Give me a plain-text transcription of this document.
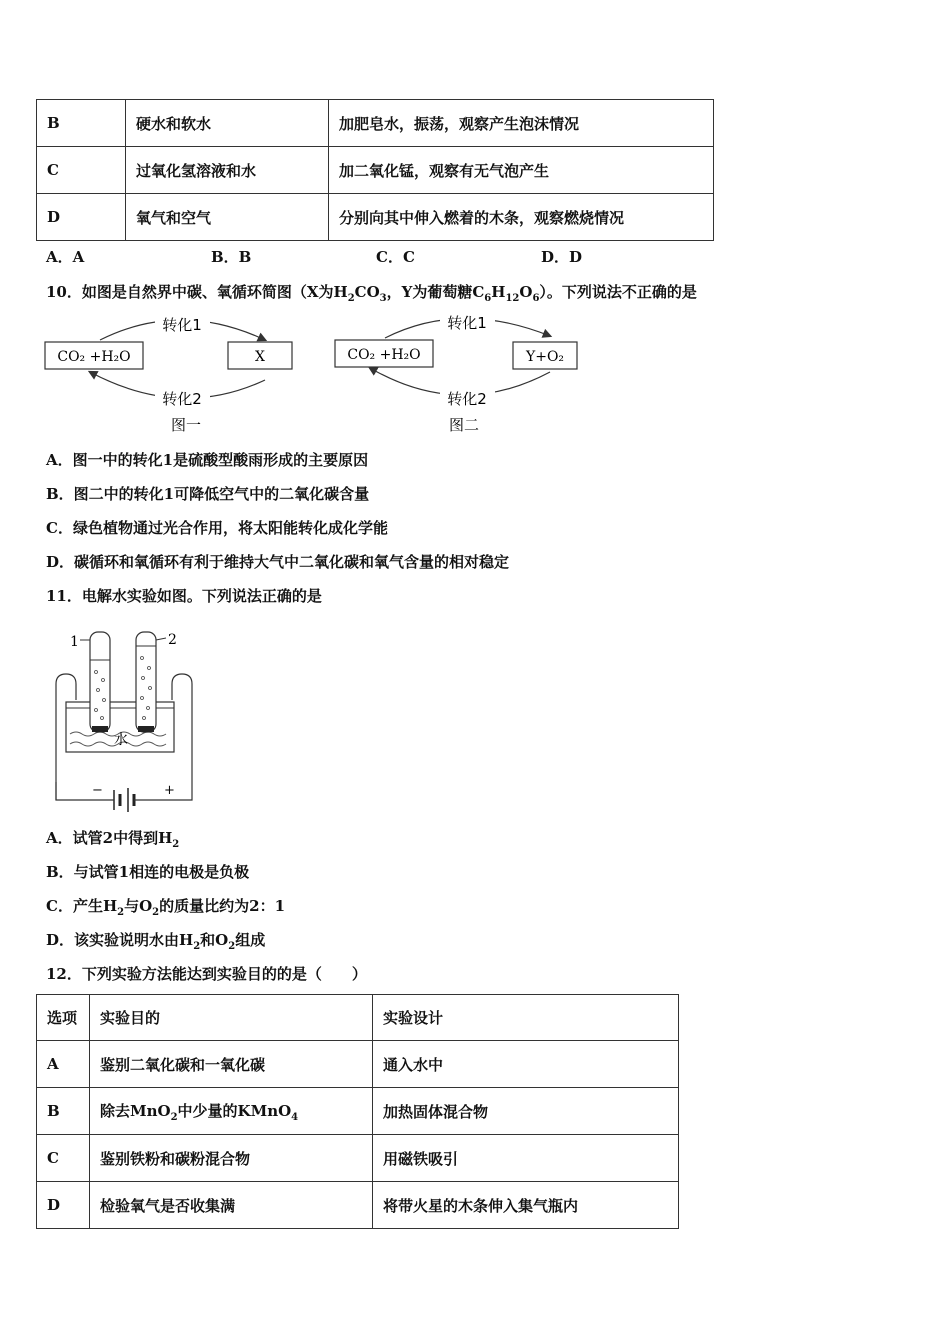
B	硬水和软水	加肥皂水，振荡，观察产生泡沫情况
C	过氧化氢溶液和水	加二氧化锰，观察有无气泡产生
D	氧气和空气	分别向其中伸入燃着的木条，观察燃烧情况
A．A	B．B	C．C	D．D
10．如图是自然界中碳、氧循环简图（X为$H_2CO_3$，Y为葡萄糖$C_6H_{12}O_6$）。下列说法不正确的是
CO₂ +H₂O	X
转化1
转化2
图一
CO₂ +H₂O	Y+O₂
转化1
转化2
图二
A．图一中的转化1是硫酸型酸雨形成的主要原因
B．图二中的转化1可降低空气中的二氧化碳含量
C．绿色植物通过光合作用，将太阳能转化成化学能
D．碳循环和氧循环有利于维持大气中二氧化碳和氧气含量的相对稳定
11．电解水实验如图。下列说法正确的是
1	2
水
−	+
A．试管2中得到$H_2$
B．与试管1相连的电极是负极
C．产生$H_2$与$O_2$的质量比约为2：1
D．该实验说明水由$H_2$和$O_2$组成
12．下列实验方法能达到实验目的的是（　　）
选项	实验目的	实验设计
A	鉴别二氧化碳和一氧化碳	通入水中
B	除去MnO$_2$中少量的KMnO$_4$	加热固体混合物
C	鉴别铁粉和碳粉混合物	用磁铁吸引
D	检验氧气是否收集满	将带火星的木条伸入集气瓶内
